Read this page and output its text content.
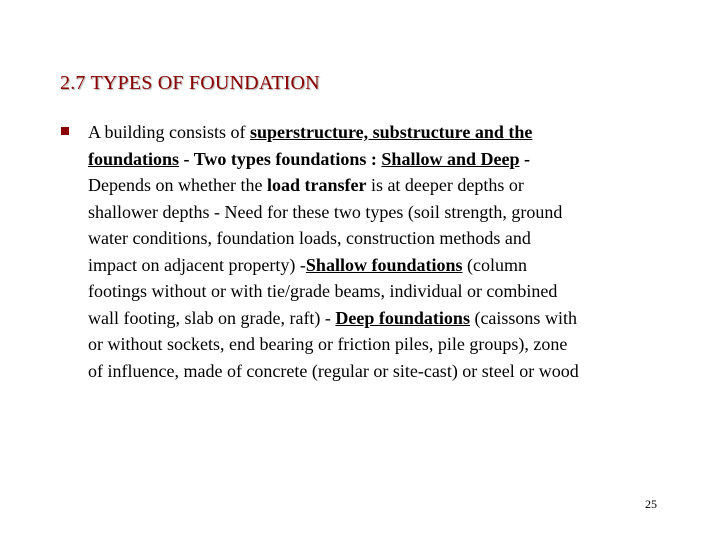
2.7 TYPES OF FOUNDATION
A building consists of superstructure, substructure and the
foundations - Two types foundations : Shallow and Deep -
Depends on whether the load transfer is at deeper depths or
shallower depths - Need for these two types (soil strength, ground
water conditions, foundation loads, construction methods and
impact on adjacent property) -Shallow foundations (column
footings without or with tie/grade beams, individual or combined
wall footing, slab on grade, raft) - Deep foundations (caissons with
or without sockets, end bearing or friction piles, pile groups), zone
of influence, made of concrete (regular or site-cast) or steel or wood
25
